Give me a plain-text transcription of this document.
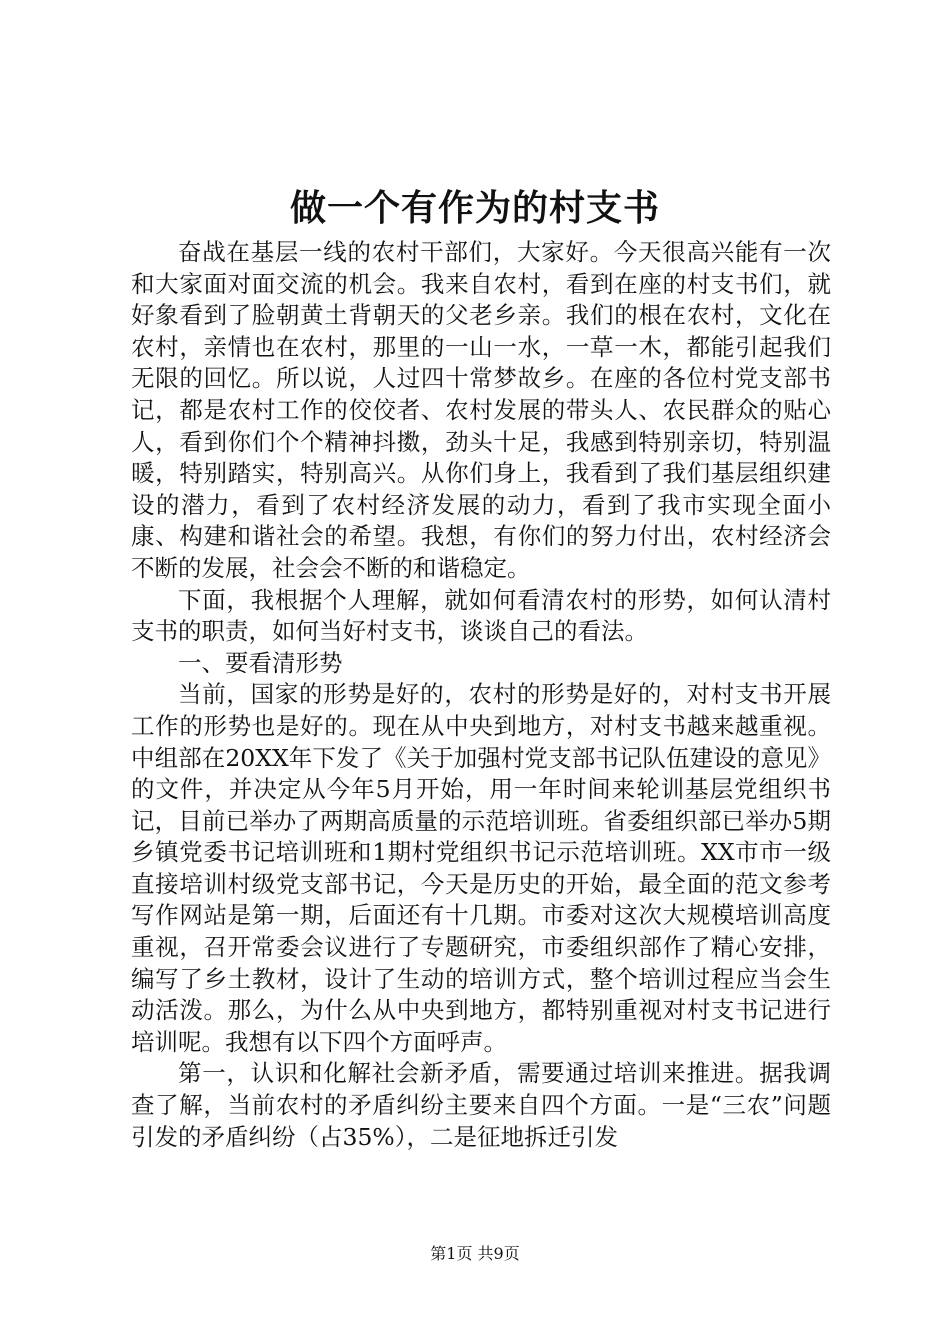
做一个有作为的村支书

奋战在基层一线的农村干部们，大家好。今天很高兴能有一次和大家面对面交流的机会。我来自农村，看到在座的村支书们，就好象看到了脸朝黄土背朝天的父老乡亲。我们的根在农村，文化在农村，亲情也在农村，那里的一山一水，一草一木，都能引起我们无限的回忆。所以说，人过四十常梦故乡。在座的各位村党支部书记，都是农村工作的佼佼者、农村发展的带头人、农民群众的贴心人，看到你们个个精神抖擞，劲头十足，我感到特别亲切，特别温暖，特别踏实，特别高兴。从你们身上，我看到了我们基层组织建设的潜力，看到了农村经济发展的动力，看到了我市实现全面小康、构建和谐社会的希望。我想，有你们的努力付出，农村经济会不断的发展，社会会不断的和谐稳定。

下面，我根据个人理解，就如何看清农村的形势，如何认清村支书的职责，如何当好村支书，谈谈自己的看法。

一、要看清形势

当前，国家的形势是好的，农村的形势是好的，对村支书开展工作的形势也是好的。现在从中央到地方，对村支书越来越重视。中组部在20XX年下发了《关于加强村党支部书记队伍建设的意见》的文件，并决定从今年5月开始，用一年时间来轮训基层党组织书记，目前已举办了两期高质量的示范培训班。省委组织部已举办5期乡镇党委书记培训班和1期村党组织书记示范培训班。XX市市一级直接培训村级党支部书记，今天是历史的开始，最全面的范文参考写作网站是第一期，后面还有十几期。市委对这次大规模培训高度重视，召开常委会议进行了专题研究，市委组织部作了精心安排，编写了乡土教材，设计了生动的培训方式，整个培训过程应当会生动活泼。那么，为什么从中央到地方，都特别重视对村支书记进行培训呢。我想有以下四个方面呼声。

第一，认识和化解社会新矛盾，需要通过培训来推进。据我调查了解，当前农村的矛盾纠纷主要来自四个方面。一是“三农”问题引发的矛盾纠纷（占35%），二是征地拆迁引发

第1页 共9页
